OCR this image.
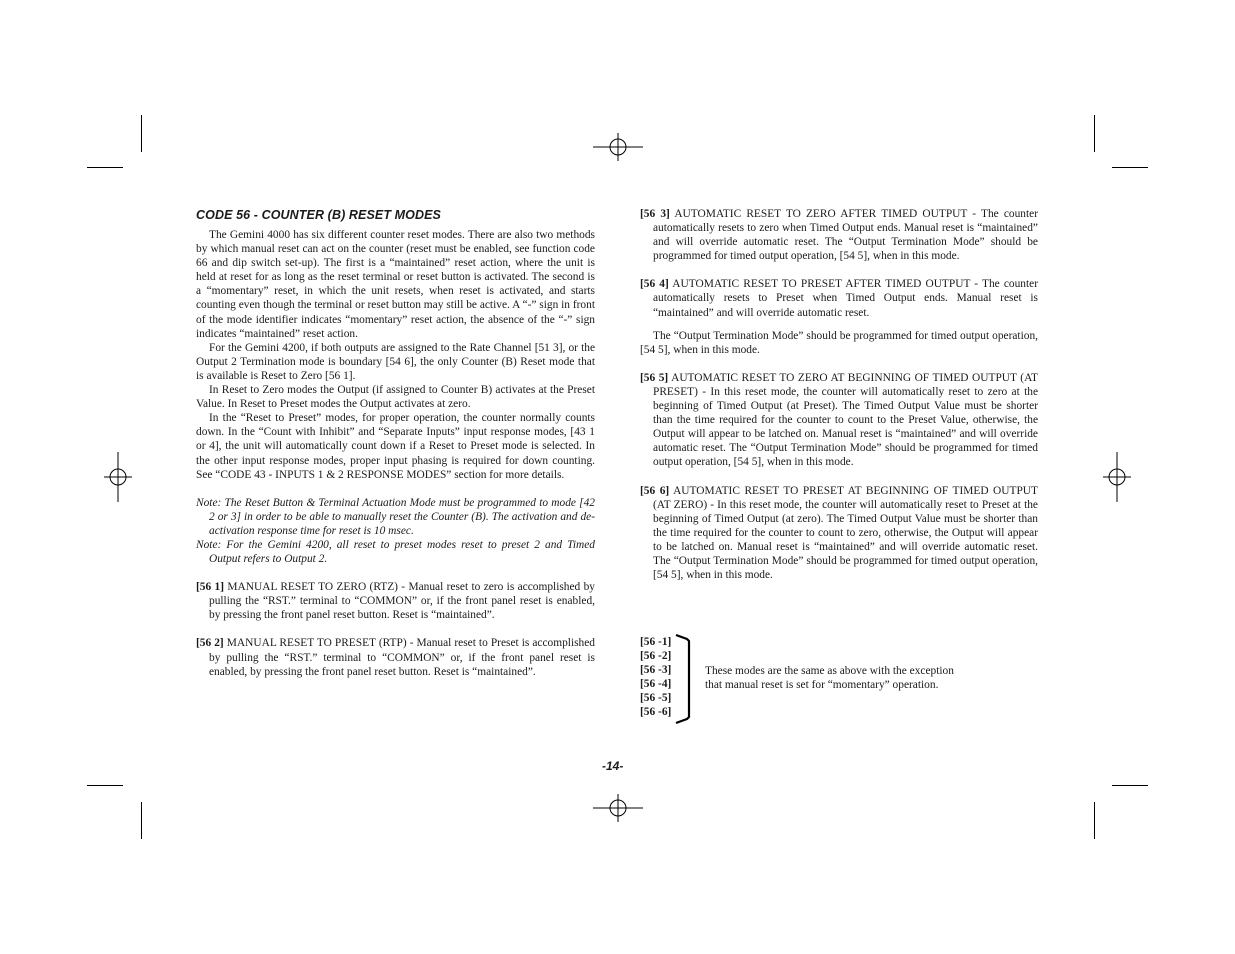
CODE 56 - COUNTER (B) RESET MODES

The Gemini 4000 has six different counter reset modes. There are also two methods by which manual reset can act on the counter (reset must be enabled, see function code 66 and dip switch set-up). The first is a “maintained” reset action, where the unit is held at reset for as long as the reset terminal or reset button is activated. The second is a “momentary” reset, in which the unit resets, when reset is activated, and starts counting even though the terminal or reset button may still be active. A “-” sign in front of the mode identifier indicates “momentary” reset action, the absence of the “-” sign indicates “maintained” reset action.

For the Gemini 4200, if both outputs are assigned to the Rate Channel [51 3], or the Output 2 Termination mode is boundary [54 6], the only Counter (B) Reset mode that is available is Reset to Zero [56 1].

In Reset to Zero modes the Output (if assigned to Counter B) activates at the Preset Value. In Reset to Preset modes the Output activates at zero.

In the “Reset to Preset” modes, for proper operation, the counter normally counts down. In the “Count with Inhibit” and “Separate Inputs” input response modes, [43 1 or 4], the unit will automatically count down if a Reset to Preset mode is selected. In the other input response modes, proper input phasing is required for down counting. See “CODE 43 - INPUTS 1 & 2 RESPONSE MODES” section for more details.

Note: The Reset Button & Terminal Actuation Mode must be programmed to mode [42 2 or 3] in order to be able to manually reset the Counter (B). The activation and de-activation response time for reset is 10 msec.

Note: For the Gemini 4200, all reset to preset modes reset to preset 2 and Timed Output refers to Output 2.

[56 1] MANUAL RESET TO ZERO (RTZ) - Manual reset to zero is accomplished by pulling the “RST.” terminal to “COMMON” or, if the front panel reset is enabled, by pressing the front panel reset button. Reset is “maintained”.

[56 2] MANUAL RESET TO PRESET (RTP) - Manual reset to Preset is accomplished by pulling the “RST.” terminal to “COMMON” or, if the front panel reset is enabled, by pressing the front panel reset button. Reset is “maintained”.

[56 3] AUTOMATIC RESET TO ZERO AFTER TIMED OUTPUT - The counter automatically resets to zero when Timed Output ends. Manual reset is “maintained” and will override automatic reset. The “Output Termination Mode” should be programmed for timed output operation, [54 5], when in this mode.

[56 4] AUTOMATIC RESET TO PRESET AFTER TIMED OUTPUT - The counter automatically resets to Preset when Timed Output ends. Manual reset is “maintained” and will override automatic reset.

The “Output Termination Mode” should be programmed for timed output operation, [54 5], when in this mode.

[56 5] AUTOMATIC RESET TO ZERO AT BEGINNING OF TIMED OUTPUT (AT PRESET) - In this reset mode, the counter will automatically reset to zero at the beginning of Timed Output (at Preset). The Timed Output Value must be shorter than the time required for the counter to count to the Preset Value, otherwise, the Output will appear to be latched on. Manual reset is “maintained” and will override automatic reset. The “Output Termination Mode” should be programmed for timed output operation, [54 5], when in this mode.

[56 6] AUTOMATIC RESET TO PRESET AT BEGINNING OF TIMED OUTPUT (AT ZERO) - In this reset mode, the counter will automatically reset to Preset at the beginning of Timed Output (at zero). The Timed Output Value must be shorter than the time required for the counter to count to zero, otherwise, the Output will appear to be latched on. Manual reset is “maintained” and will override automatic reset. The “Output Termination Mode” should be programmed for timed output operation, [54 5], when in this mode.

[56 -1]
[56 -2]
[56 -3]
[56 -4]
[56 -5]
[56 -6]
These modes are the same as above with the exception
that manual reset is set for “momentary” operation.
-14-
